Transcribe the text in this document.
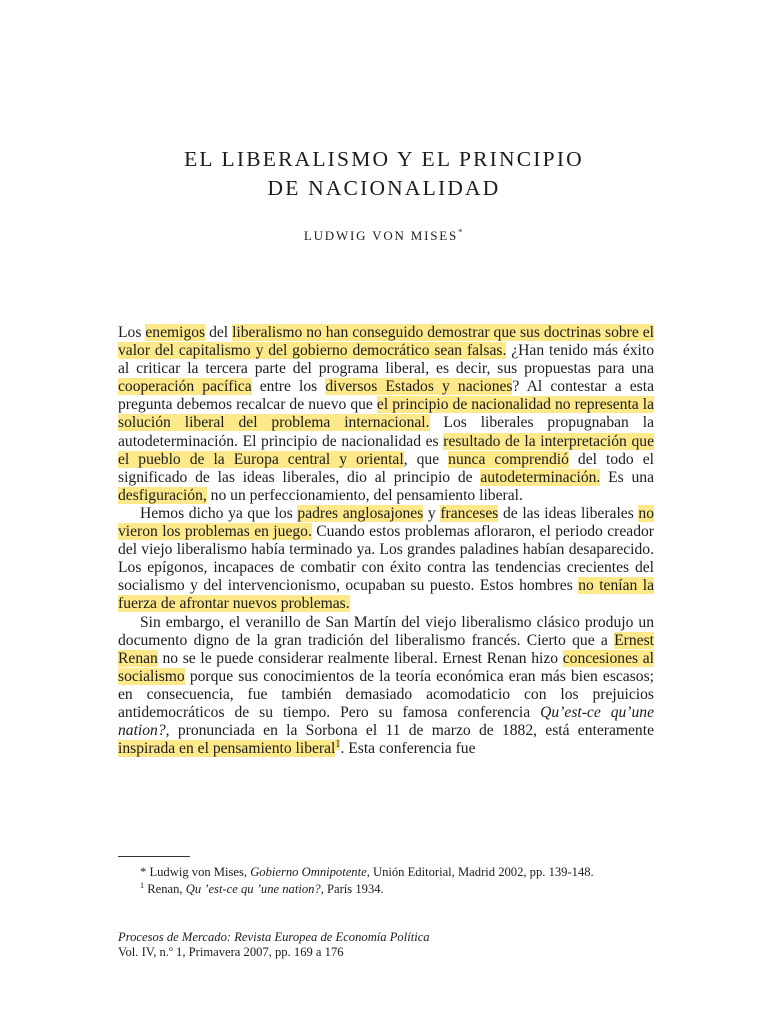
EL LIBERALISMO Y EL PRINCIPIO
DE NACIONALIDAD
LUDWIG VON MISES*

Los enemigos del liberalismo no han conseguido demostrar que sus doctrinas sobre el valor del capitalismo y del gobierno democrático sean falsas. ¿Han tenido más éxito al criticar la tercera parte del programa liberal, es decir, sus propuestas para una cooperación pacífica entre los diversos Estados y naciones? Al contestar a esta pregunta debemos recalcar de nuevo que el principio de nacionalidad no representa la solución liberal del problema internacional. Los liberales propugnaban la autodeterminación. El principio de nacionalidad es resultado de la interpretación que el pueblo de la Europa central y oriental, que nunca comprendió del todo el significado de las ideas liberales, dio al principio de autodeterminación. Es una desfiguración, no un perfeccionamiento, del pensamiento liberal.

Hemos dicho ya que los padres anglosajones y franceses de las ideas liberales no vieron los problemas en juego. Cuando estos problemas afloraron, el periodo creador del viejo liberalismo había terminado ya. Los grandes paladines habían desaparecido. Los epígonos, incapaces de combatir con éxito contra las tendencias crecientes del socialismo y del intervencionismo, ocupaban su puesto. Estos hombres no tenían la fuerza de afrontar nuevos problemas.

Sin embargo, el veranillo de San Martín del viejo liberalismo clásico produjo un documento digno de la gran tradición del liberalismo francés. Cierto que a Ernest Renan no se le puede considerar realmente liberal. Ernest Renan hizo concesiones al socialismo porque sus conocimientos de la teoría económica eran más bien escasos; en consecuencia, fue también demasiado acomodaticio con los prejuicios antidemocráticos de su tiempo. Pero su famosa conferencia Qu’est-ce qu’une nation?, pronunciada en la Sorbona el 11 de marzo de 1882, está enteramente inspirada en el pensamiento liberal$^1$. Esta conferencia fue

* Ludwig von Mises, Gobierno Omnipotente, Unión Editorial, Madrid 2002, pp. 139-148.

$^1$ Renan, Qu ’est-ce qu ’une nation?, París 1934.

Procesos de Mercado: Revista Europea de Economía Política
Vol. IV, n.º 1, Primavera 2007, pp. 169 a 176
